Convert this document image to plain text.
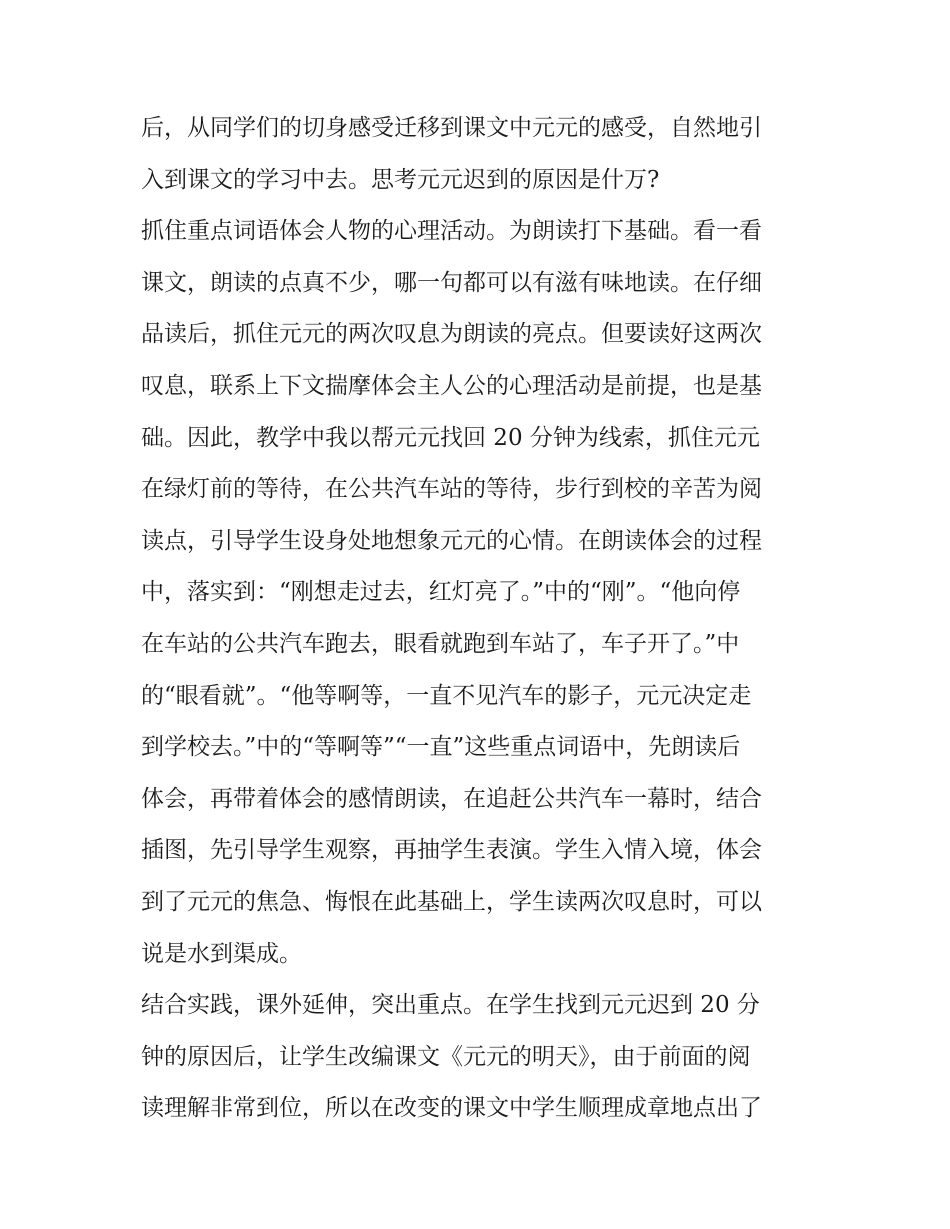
后，从同学们的切身感受迁移到课文中元元的感受，自然地引
入到课文的学习中去。思考元元迟到的原因是什万?
抓住重点词语体会人物的心理活动。为朗读打下基础。看一看
课文，朗读的点真不少，哪一句都可以有滋有味地读。在仔细
品读后，抓住元元的两次叹息为朗读的亮点。但要读好这两次
叹息，联系上下文揣摩体会主人公的心理活动是前提，也是基
础。因此，教学中我以帮元元找回 20 分钟为线索，抓住元元
在绿灯前的等待，在公共汽车站的等待，步行到校的辛苦为阅
读点，引导学生设身处地想象元元的心情。在朗读体会的过程
中，落实到：“刚想走过去，红灯亮了。”中的“刚”。“他向停
在车站的公共汽车跑去，眼看就跑到车站了，车子开了。”中
的“眼看就”。“他等啊等，一直不见汽车的影子，元元决定走
到学校去。”中的“等啊等”“一直”这些重点词语中，先朗读后
体会，再带着体会的感情朗读，在追赶公共汽车一幕时，结合
插图，先引导学生观察，再抽学生表演。学生入情入境，体会
到了元元的焦急、悔恨在此基础上，学生读两次叹息时，可以
说是水到渠成。
结合实践，课外延伸，突出重点。在学生找到元元迟到 20 分
钟的原因后，让学生改编课文《元元的明天》，由于前面的阅
读理解非常到位，所以在改变的课文中学生顺理成章地点出了
